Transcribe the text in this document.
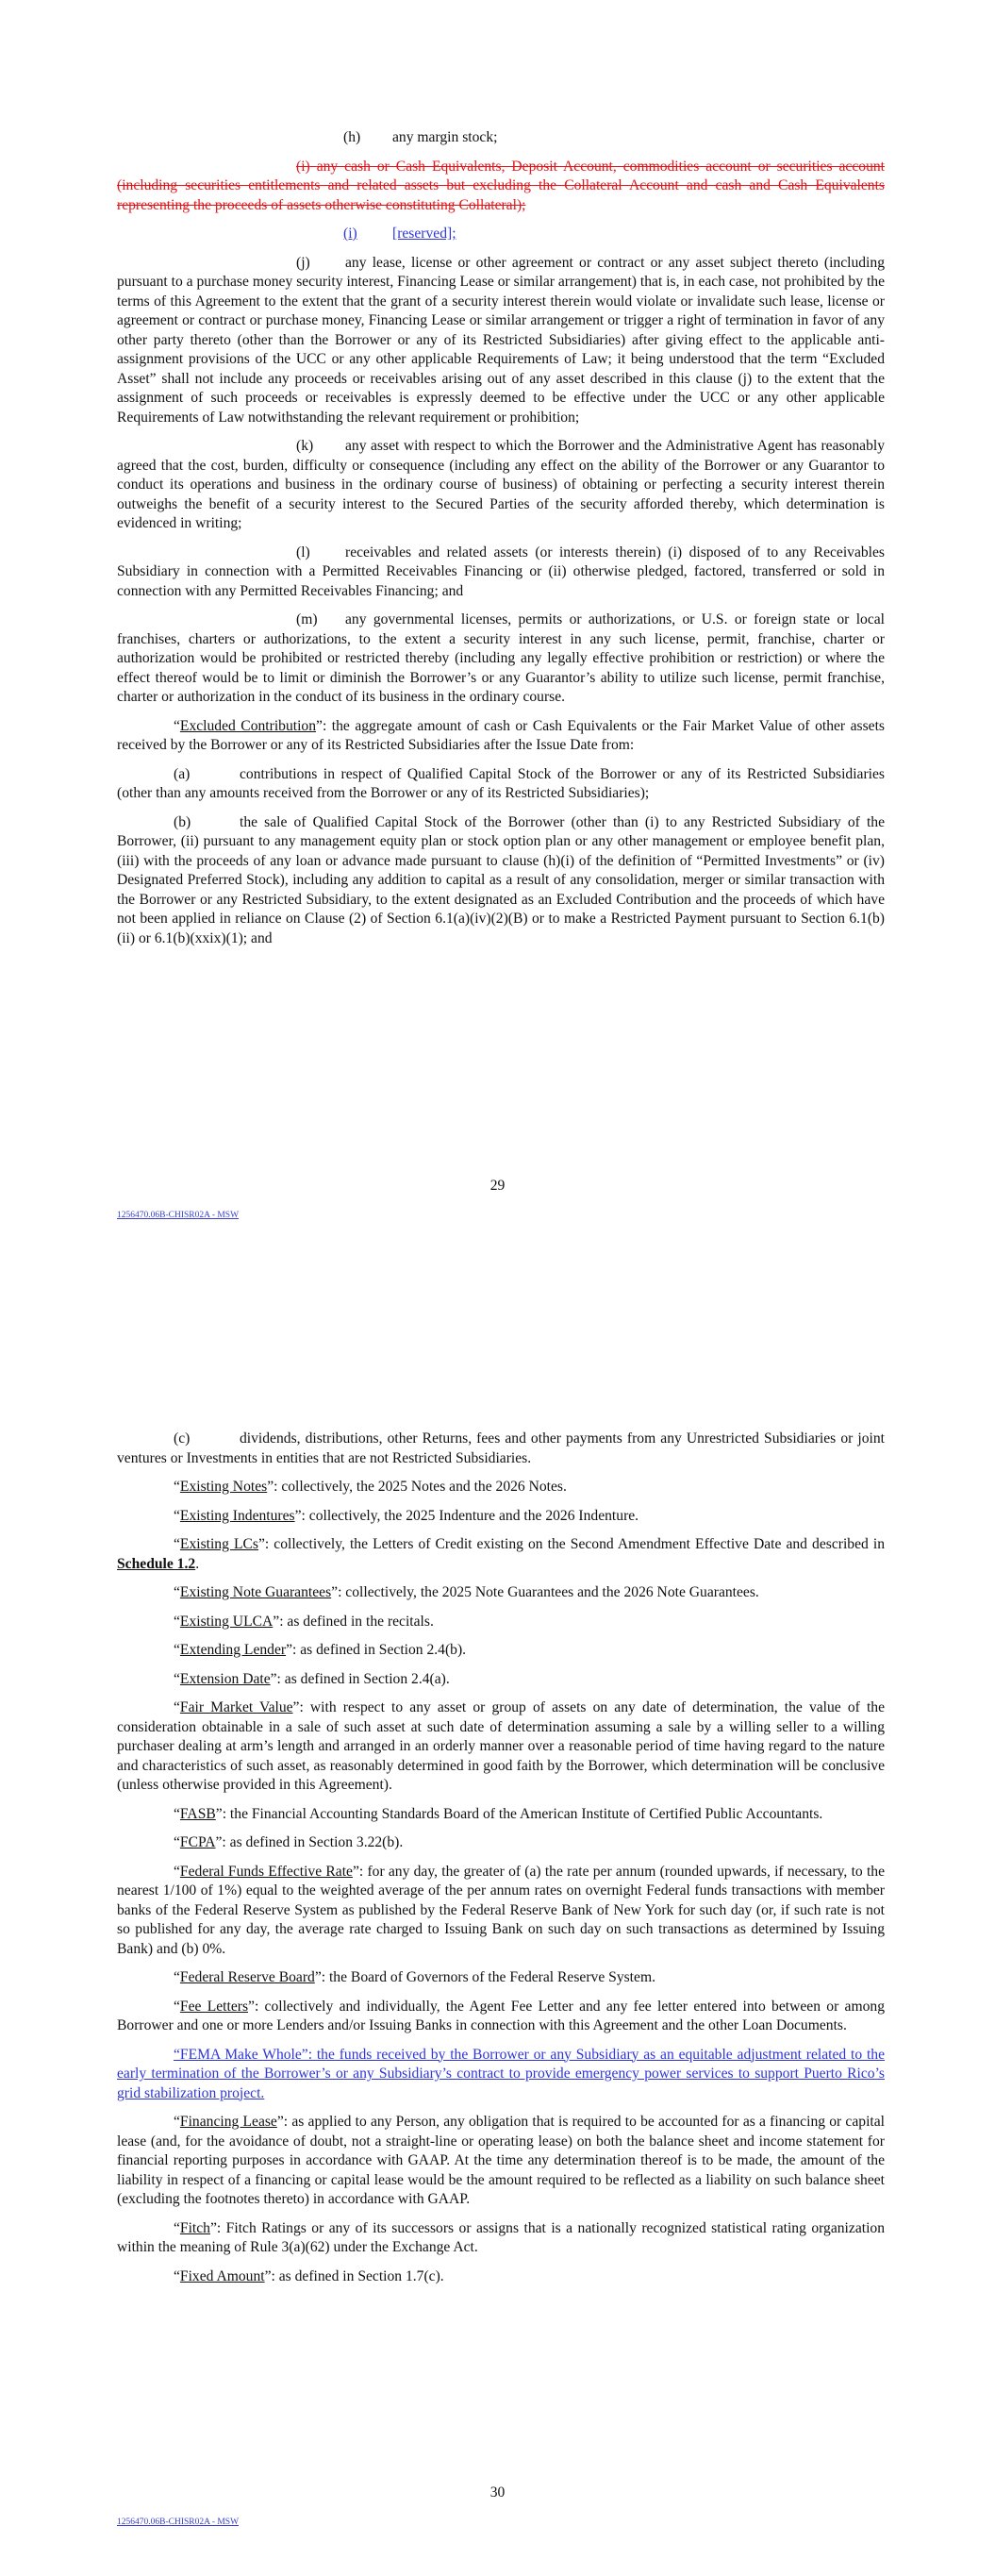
(h) any margin stock;

(i) any cash or Cash Equivalents, Deposit Account, commodities account or securities account (including securities entitlements and related assets but excluding the Collateral Account and cash and Cash Equivalents representing the proceeds of assets otherwise constituting Collateral);

(i) [reserved];

(j) any lease, license or other agreement or contract or any asset subject thereto (including pursuant to a purchase money security interest, Financing Lease or similar arrangement) that is, in each case, not prohibited by the terms of this Agreement to the extent that the grant of a security interest therein would violate or invalidate such lease, license or agreement or contract or purchase money, Financing Lease or similar arrangement or trigger a right of termination in favor of any other party thereto (other than the Borrower or any of its Restricted Subsidiaries) after giving effect to the applicable anti-assignment provisions of the UCC or any other applicable Requirements of Law; it being understood that the term “Excluded Asset” shall not include any proceeds or receivables arising out of any asset described in this clause (j) to the extent that the assignment of such proceeds or receivables is expressly deemed to be effective under the UCC or any other applicable Requirements of Law notwithstanding the relevant requirement or prohibition;

(k) any asset with respect to which the Borrower and the Administrative Agent has reasonably agreed that the cost, burden, difficulty or consequence (including any effect on the ability of the Borrower or any Guarantor to conduct its operations and business in the ordinary course of business) of obtaining or perfecting a security interest therein outweighs the benefit of a security interest to the Secured Parties of the security afforded thereby, which determination is evidenced in writing;

(l) receivables and related assets (or interests therein) (i) disposed of to any Receivables Subsidiary in connection with a Permitted Receivables Financing or (ii) otherwise pledged, factored, transferred or sold in connection with any Permitted Receivables Financing; and

(m) any governmental licenses, permits or authorizations, or U.S. or foreign state or local franchises, charters or authorizations, to the extent a security interest in any such license, permit, franchise, charter or authorization would be prohibited or restricted thereby (including any legally effective prohibition or restriction) or where the effect thereof would be to limit or diminish the Borrower’s or any Guarantor’s ability to utilize such license, permit franchise, charter or authorization in the conduct of its business in the ordinary course.

“Excluded Contribution”: the aggregate amount of cash or Cash Equivalents or the Fair Market Value of other assets received by the Borrower or any of its Restricted Subsidiaries after the Issue Date from:

(a)	contributions in respect of Qualified Capital Stock of the Borrower or any of its Restricted Subsidiaries (other than any amounts received from the Borrower or any of its Restricted Subsidiaries);

(b)	the sale of Qualified Capital Stock of the Borrower (other than (i) to any Restricted Subsidiary of the Borrower, (ii) pursuant to any management equity plan or stock option plan or any other management or employee benefit plan, (iii) with the proceeds of any loan or advance made pursuant to clause (h)(i) of the definition of “Permitted Investments” or (iv) Designated Preferred Stock), including any addition to capital as a result of any consolidation, merger or similar transaction with the Borrower or any Restricted Subsidiary, to the extent designated as an Excluded Contribution and the proceeds of which have not been applied in reliance on Clause (2) of Section 6.1(a)(iv)(2)(B) or to make a Restricted Payment pursuant to Section 6.1(b)(ii) or 6.1(b)(xxix)(1); and

29
1256470.06B-CHISR02A - MSW

(c)	dividends, distributions, other Returns, fees and other payments from any Unrestricted Subsidiaries or joint ventures or Investments in entities that are not Restricted Subsidiaries.

“Existing Notes”: collectively, the 2025 Notes and the 2026 Notes.

“Existing Indentures”: collectively, the 2025 Indenture and the 2026 Indenture.

“Existing LCs”: collectively, the Letters of Credit existing on the Second Amendment Effective Date and described in Schedule 1.2.

“Existing Note Guarantees”: collectively, the 2025 Note Guarantees and the 2026 Note Guarantees.

“Existing ULCA”: as defined in the recitals.

“Extending Lender”: as defined in Section 2.4(b).

“Extension Date”: as defined in Section 2.4(a).

“Fair Market Value”: with respect to any asset or group of assets on any date of determination, the value of the consideration obtainable in a sale of such asset at such date of determination assuming a sale by a willing seller to a willing purchaser dealing at arm’s length and arranged in an orderly manner over a reasonable period of time having regard to the nature and characteristics of such asset, as reasonably determined in good faith by the Borrower, which determination will be conclusive (unless otherwise provided in this Agreement).

“FASB”: the Financial Accounting Standards Board of the American Institute of Certified Public Accountants.

“FCPA”: as defined in Section 3.22(b).

“Federal Funds Effective Rate”: for any day, the greater of (a) the rate per annum (rounded upwards, if necessary, to the nearest 1/100 of 1%) equal to the weighted average of the per annum rates on overnight Federal funds transactions with member banks of the Federal Reserve System as published by the Federal Reserve Bank of New York for such day (or, if such rate is not so published for any day, the average rate charged to Issuing Bank on such day on such transactions as determined by Issuing Bank) and (b) 0%.

“Federal Reserve Board”: the Board of Governors of the Federal Reserve System.

“Fee Letters”: collectively and individually, the Agent Fee Letter and any fee letter entered into between or among Borrower and one or more Lenders and/or Issuing Banks in connection with this Agreement and the other Loan Documents.

“FEMA Make Whole”: the funds received by the Borrower or any Subsidiary as an equitable adjustment related to the early termination of the Borrower’s or any Subsidiary’s contract to provide emergency power services to support Puerto Rico’s grid stabilization project.

“Financing Lease”: as applied to any Person, any obligation that is required to be accounted for as a financing or capital lease (and, for the avoidance of doubt, not a straight-line or operating lease) on both the balance sheet and income statement for financial reporting purposes in accordance with GAAP. At the time any determination thereof is to be made, the amount of the liability in respect of a financing or capital lease would be the amount required to be reflected as a liability on such balance sheet (excluding the footnotes thereto) in accordance with GAAP.

“Fitch”: Fitch Ratings or any of its successors or assigns that is a nationally recognized statistical rating organization within the meaning of Rule 3(a)(62) under the Exchange Act.

“Fixed Amount”: as defined in Section 1.7(c).

30
1256470.06B-CHISR02A - MSW
